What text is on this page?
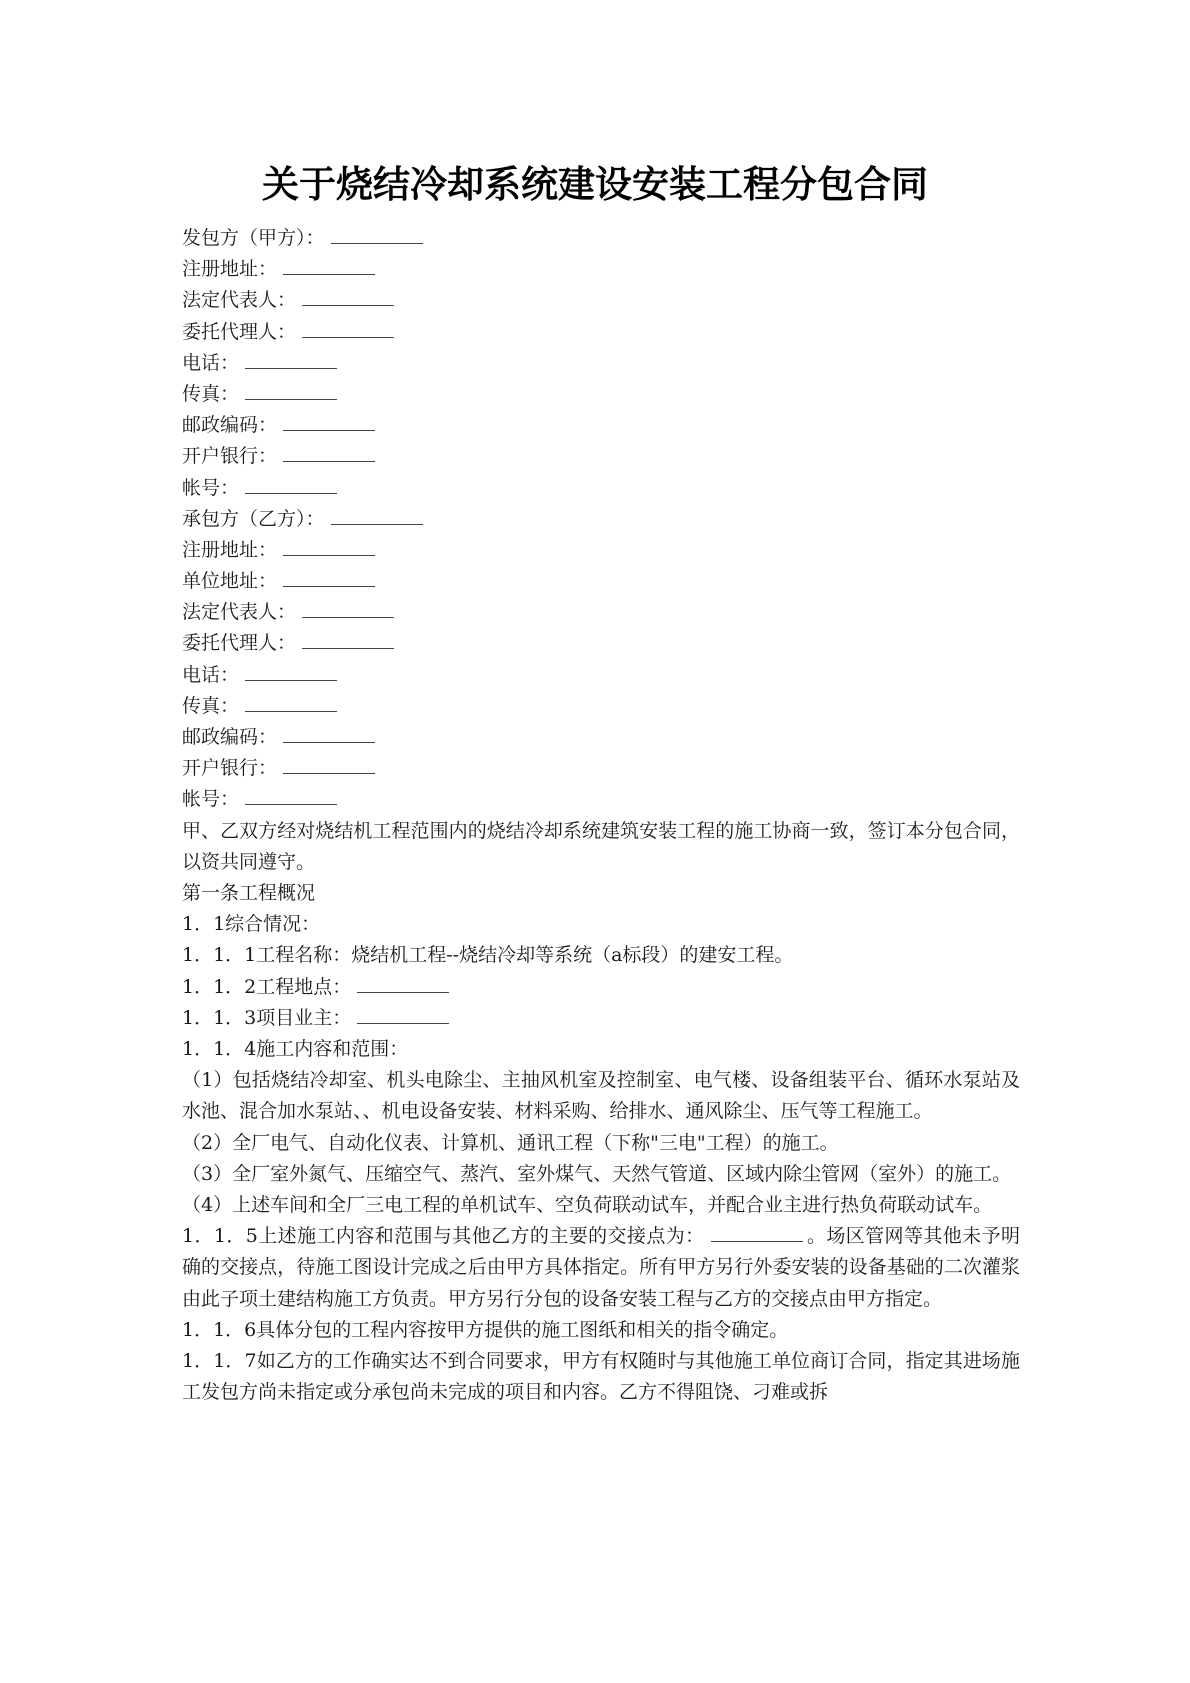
关于烧结冷却系统建设安装工程分包合同
发包方（甲方）：
注册地址：
法定代表人：
委托代理人：
电话：
传真：
邮政编码：
开户银行：
帐号：
承包方（乙方）：
注册地址：
单位地址：
法定代表人：
委托代理人：
电话：
传真：
邮政编码：
开户银行：
帐号：
甲、乙双方经对烧结机工程范围内的烧结冷却系统建筑安装工程的施工协商一致，签订本分包合同，以资共同遵守。
第一条工程概况
1．1综合情况：
1．1．1工程名称：烧结机工程--烧结冷却等系统（a标段）的建安工程。
1．1．2工程地点：
1．1．3项目业主：
1．1．4施工内容和范围：
（1）包括烧结冷却室、机头电除尘、主抽风机室及控制室、电气楼、设备组装平台、循环水泵站及水池、混合加水泵站、、机电设备安装、材料采购、给排水、通风除尘、压气等工程施工。
（2）全厂电气、自动化仪表、计算机、通讯工程（下称"三电"工程）的施工。
（3）全厂室外氮气、压缩空气、蒸汽、室外煤气、天然气管道、区域内除尘管网（室外）的施工。
（4）上述车间和全厂三电工程的单机试车、空负荷联动试车，并配合业主进行热负荷联动试车。
1．1．5上述施工内容和范围与其他乙方的主要的交接点为：	。场区管网等其他未予明确的交接点，待施工图设计完成之后由甲方具体指定。所有甲方另行外委安装的设备基础的二次灌浆由此子项土建结构施工方负责。甲方另行分包的设备安装工程与乙方的交接点由甲方指定。
1．1．6具体分包的工程内容按甲方提供的施工图纸和相关的指令确定。
1．1．7如乙方的工作确实达不到合同要求，甲方有权随时与其他施工单位商订合同，指定其进场施工发包方尚未指定或分承包尚未完成的项目和内容。乙方不得阻饶、刁难或拆
